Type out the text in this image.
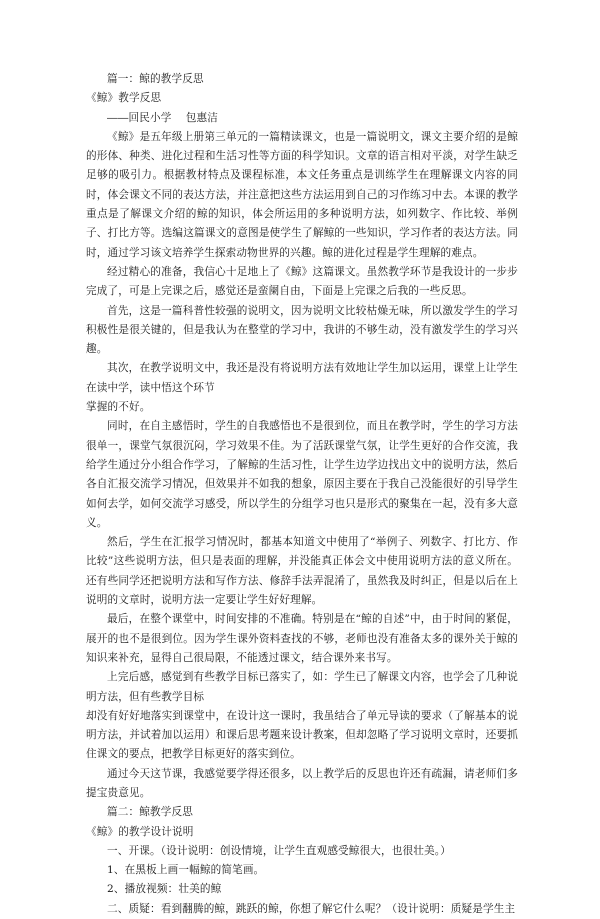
篇一：鲸的教学反思

《鲸》教学反思

――回民小学 　包惠洁

《鲸》是五年级上册第三单元的一篇精读课文，也是一篇说明文，课文主要介绍的是鲸的形体、种类、进化过程和生活习性等方面的科学知识。文章的语言相对平淡，对学生缺乏足够的吸引力。根据教材特点及课程标准，本文任务重点是训练学生在理解课文内容的同时，体会课文不同的表达方法，并注意把这些方法运用到自己的习作练习中去。本课的教学重点是了解课文介绍的鲸的知识，体会所运用的多种说明方法，如列数字、作比较、举例子、打比方等。选编这篇课文的意图是使学生了解鲸的一些知识，学习作者的表达方法。同时，通过学习该文培养学生探索动物世界的兴趣。鲸的进化过程是学生理解的难点。

经过精心的准备，我信心十足地上了《鲸》这篇课文。虽然教学环节是我设计的一步步完成了，可是上完课之后，感觉还是蛮阑自由，下面是上完课之后我的一些反思。

首先，这是一篇科普性较强的说明文，因为说明文比较枯燥无味，所以激发学生的学习积极性是很关键的，但是我认为在整堂的学习中，我讲的不够生动，没有激发学生的学习兴趣。

其次，在教学说明文中，我还是没有将说明方法有效地让学生加以运用，课堂上让学生在读中学，读中悟这个环节

掌握的不好。

同时，在自主感悟时，学生的自我感悟也不是很到位，而且在教学时，学生的学习方法很单一，课堂气氛很沉闷，学习效果不佳。为了活跃课堂气氛，让学生更好的合作交流，我给学生通过分小组合作学习，了解鲸的生活习性，让学生边学边找出文中的说明方法，然后各自汇报交流学习情况，但效果并不如我的想象，原因主要在于我自己没能很好的引导学生如何去学，如何交流学习感受，所以学生的分组学习也只是形式的聚集在一起，没有多大意义。

然后，学生在汇报学习情况时，都基本知道文中使用了“举例子、列数字、打比方、作比较”这些说明方法，但只是表面的理解，并没能真正体会文中使用说明方法的意义所在。还有些同学还把说明方法和写作方法、修辞手法弄混淆了，虽然我及时纠正，但是以后在上说明的文章时，说明方法一定要让学生好好理解。

最后，在整个课堂中，时间安排的不准确。特别是在“鲸的自述”中，由于时间的紧促，展开的也不是很到位。因为学生课外资料查找的不够，老师也没有准备太多的课外关于鲸的知识来补充，显得自己很局限，不能透过课文，结合课外来书写。

上完后感，感觉到有些教学目标已落实了，如：学生已了解课文内容，也学会了几种说明方法，但有些教学目标

却没有好好地落实到课堂中，在设计这一课时，我虽结合了单元导读的要求（了解基本的说明方法，并试着加以运用）和课后思考题来设计教案，但却忽略了学习说明文章时，还要抓住课文的要点，把教学目标更好的落实到位。

通过今天这节课，我感觉要学得还很多，以上教学后的反思也许还有疏漏，请老师们多提宝贵意见。

篇二：鲸教学反思

《鲸》的教学设计说明

一、开课。（设计说明：创设情境，让学生直观感受鲸很大，也很壮美。）

1、在黑板上画一幅鲸的简笔画。

2、播放视频：壮美的鲸

二、质疑：看到翻腾的鲸，跳跃的鲸，你想了解它什么呢？（设计说明：质疑是学生主
